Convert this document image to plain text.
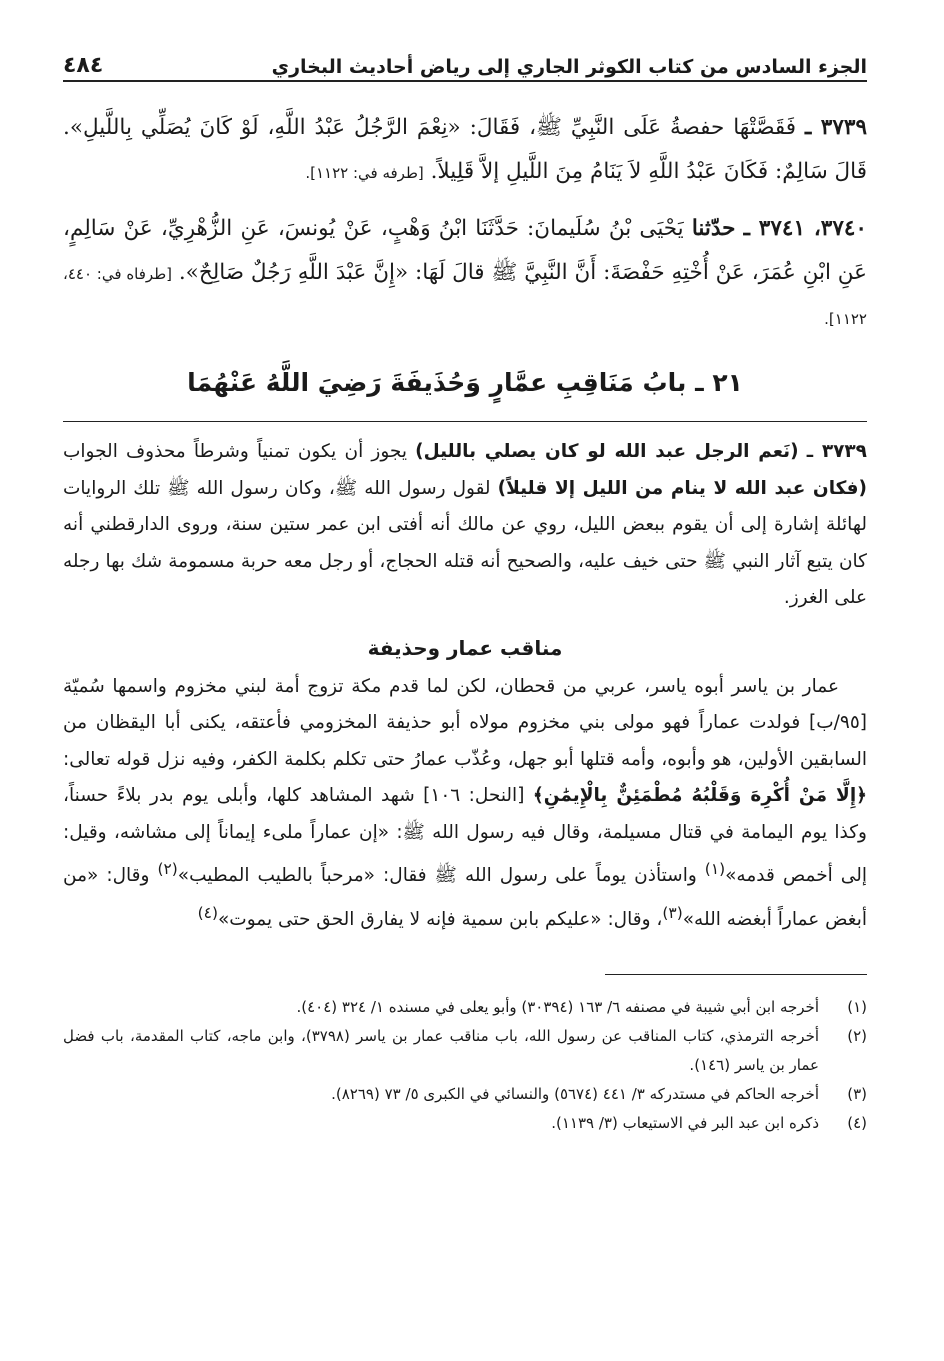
الجزء السادس من كتاب الكوثر الجاري إلى رياض أحاديث البخاري
٤٨٤

٣٧٣٩ ـ فَقَصَّتْهَا حفصةُ عَلَى النَّبِيِّ ﷺ، فَقَالَ: «نِعْمَ الرَّجُلُ عَبْدُ اللَّهِ، لَوْ كَانَ يُصَلِّي بِاللَّيلِ». قَالَ سَالِمٌ: فَكَانَ عَبْدُ اللَّهِ لاَ يَنَامُ مِنَ اللَّيلِ إلاَّ قَلِيلاً. [طرفه في: ١١٢٢].

٣٧٤٠، ٣٧٤١ ـ حدّثنا يَحْيَى بْنُ سُلَيمانَ: حَدَّثَنَا ابْنُ وَهْبٍ، عَنْ يُونسَ، عَنِ الزُّهْرِيِّ، عَنْ سَالِمٍ، عَنِ ابْنِ عُمَرَ، عَنْ أُخْتِهِ حَفْصَةَ: أَنَّ النَّبِيَّ ﷺ قالَ لَهَا: «إِنَّ عَبْدَ اللَّهِ رَجُلٌ صَالِحٌ». [طرفاه في: ٤٤٠، ١١٢٢].

٢١ ـ بابُ مَنَاقِبِ عمَّارٍ وَحُذَيفَةَ رَضِيَ اللَّهُ عَنْهُمَا

٣٧٣٩ ـ (نَعم الرجل عبد الله لو كان يصلي بالليل) يجوز أن يكون تمنياً وشرطاً محذوف الجواب (فكان عبد الله لا ينام من الليل إلا قليلاً) لقول رسول الله ﷺ، وكان رسول الله ﷺ تلك الروايات لهائلة إشارة إلى أن يقوم ببعض الليل، روي عن مالك أنه أفتى ابن عمر ستين سنة، وروى الدارقطني أنه كان يتبع آثار النبي ﷺ حتى خيف عليه، والصحيح أنه قتله الحجاج، أو رجل معه حربة مسمومة شك بها رجله على الغرز.

مناقب عمار وحذيفة

عمار بن ياسر أبوه ياسر، عربي من قحطان، لكن لما قدم مكة تزوج أمة لبني مخزوم واسمها سُميّة [٩٥/ب] فولدت عماراً فهو مولى بني مخزوم مولاه أبو حذيفة المخزومي فأعتقه، يكنى أبا اليقظان من السابقين الأولين، هو وأبوه، وأمه قتلها أبو جهل، وعُذّب عمارُ حتى تكلم بكلمة الكفر، وفيه نزل قوله تعالى: ﴿إِلَّا مَنْ أُكْرِهَ وَقَلْبُهُ مُطْمَئِنٌّ بِالْإِيمَٰنِ﴾ [النحل: ١٠٦] شهد المشاهد كلها، وأبلى يوم بدر بلاءً حسناً، وكذا يوم اليمامة في قتال مسيلمة، وقال فيه رسول الله ﷺ: «إن عماراً ملىء إيماناً إلى مشاشه، وقيل: إلى أخمص قدمه»$^{(١)}$ واستأذن يوماً على رسول الله ﷺ فقال: «مرحباً بالطيب المطيب»$^{(٢)}$ وقال: «من أبغض عماراً أبغضه الله»$^{(٣)}$، وقال: «عليكم بابن سمية فإنه لا يفارق الحق حتى يموت»$^{(٤)}$

(١)
أخرجه ابن أبي شيبة في مصنفه ٦/ ١٦٣ (٣٠٣٩٤) وأبو يعلى في مسنده ١/ ٣٢٤ (٤٠٤).
(٢)
أخرجه الترمذي، كتاب المناقب عن رسول الله، باب مناقب عمار بن ياسر (٣٧٩٨)، وابن ماجه، كتاب المقدمة، باب فضل عمار بن ياسر (١٤٦).
(٣)
أخرجه الحاكم في مستدركه ٣/ ٤٤١ (٥٦٧٤) والنسائي في الكبرى ٥/ ٧٣ (٨٢٦٩).
(٤)
ذكره ابن عبد البر في الاستيعاب (٣/ ١١٣٩).
